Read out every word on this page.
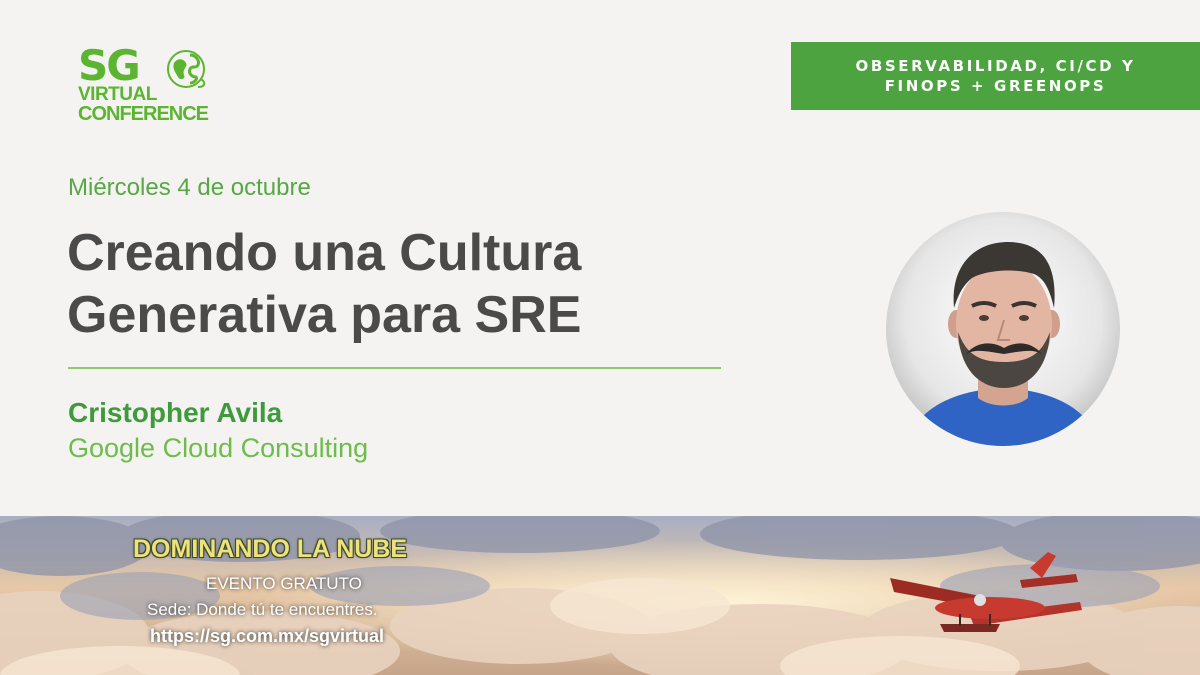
SG
VIRTUAL
CONFERENCE
OBSERVABILIDAD, CI/CD Y
FINOPS + GREENOPS
Miércoles 4 de octubre
Creando una Cultura
Generativa para SRE
Cristopher Avila
Google Cloud Consulting
DOMINANDO LA NUBE
EVENTO GRATUTO
Sede: Donde tú te encuentres.
https://sg.com.mx/sgvirtual
